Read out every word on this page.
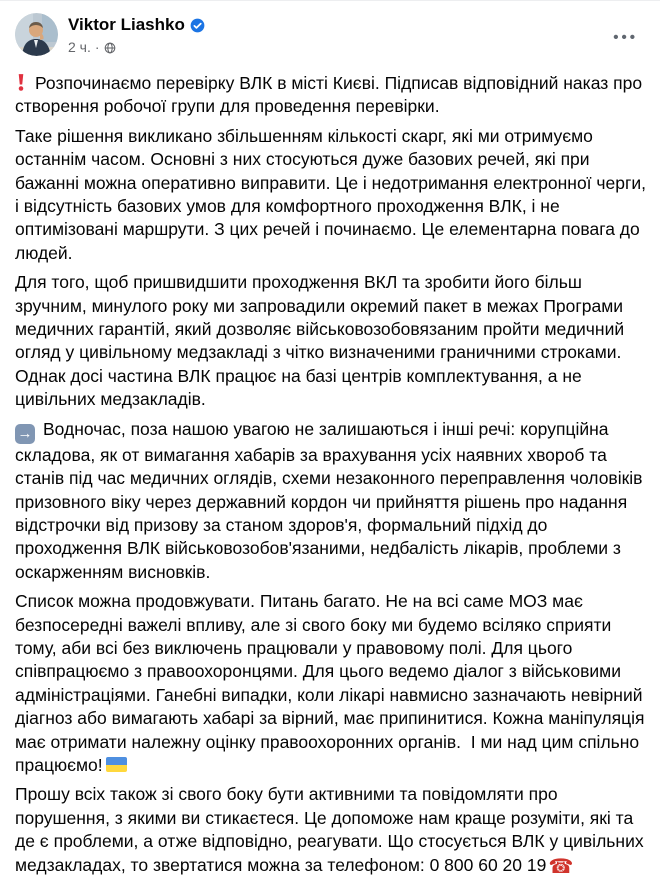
Viktor Liashko
2 ч. ·
•••

Розпочинаємо перевірку ВЛК в місті Києві. Підписав відповідний наказ про створення робочої групи для проведення перевірки.

Таке рішення викликано збільшенням кількості скарг, які ми отримуємо останнім часом. Основні з них стосуються дуже базових речей, які при бажанні можна оперативно виправити. Це і недотримання електронної черги, і відсутність базових умов для комфортного проходження ВЛК, і не оптимізовані маршрути. З цих речей і починаємо. Це елементарна повага до людей.

Для того, щоб пришвидшити проходження ВКЛ та зробити його більш зручним, минулого року ми запровадили окремий пакет в межах Програми медичних гарантій, який дозволяє військовозобовязаним пройти медичний огляд у цивільному медзакладі з чітко визначеними граничними строками. Однак досі частина ВЛК працює на базі центрів комплектування, а не цивільних медзакладів.

→ Водночас, поза нашою увагою не залишаються і інші речі: корупційна складова, як от вимагання хабарів за врахування усіх наявних хвороб та станів під час медичних оглядів, схеми незаконного переправлення чоловіків призовного віку через державний кордон чи прийняття рішень про надання відстрочки від призову за станом здоров'я, формальний підхід до проходження ВЛК військовозобов'язаними, недбалість лікарів, проблеми з оскарженням висновків.

Список можна продовжувати. Питань багато. Не на всі саме МОЗ має безпосередні важелі впливу, але зі свого боку ми будемо всіляко сприяти тому, аби всі без виключень працювали у правовому полі. Для цього співпрацюємо з правоохоронцями. Для цього ведемо діалог з військовими адміністраціями. Ганебні випадки, коли лікарі навмисно зазначають невірний діагноз або вимагають хабарі за вірний, має припинитися. Кожна маніпуляція має отримати належну оцінку правоохоронних органів.  І ми над цим спільно працюємо!

Прошу всіх також зі свого боку бути активними та повідомляти про порушення, з якими ви стикаєтеся. Це допоможе нам краще розуміти, які та де є проблеми, а отже відповідно, реагувати. Що стосується ВЛК у цивільних медзакладах, то звертатися можна за телефоном: 0 800 60 20 19 ☎
